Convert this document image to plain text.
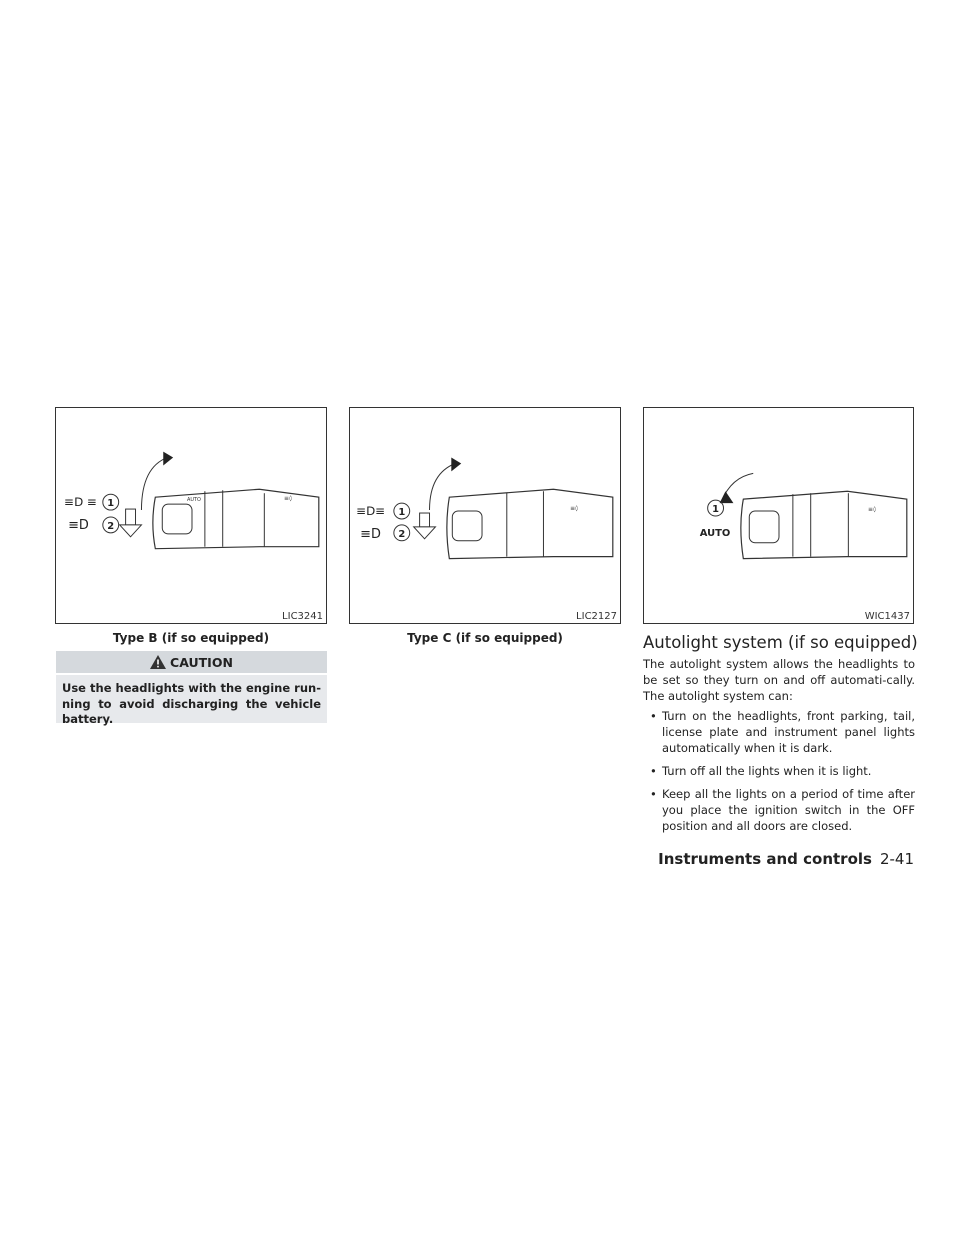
AUTO	≡◊
≡D ≡
≡D
1
2
LIC3241
≡◊
≡D≡
≡D
1
2
LIC2127
≡◊
1
AUTO
WIC1437
Type B (if so equipped)	Type C (if so equipped)
CAUTION
Use the headlights with the engine run-ning to avoid discharging the vehicle battery.
Autolight system (if so equipped)
The autolight system allows the headlights to be set so they turn on and off automati-cally. The autolight system can:
• Turn on the headlights, front parking, tail, license plate and instrument panel lights automatically when it is dark.
• Turn off all the lights when it is light.
• Keep all the lights on a period of time after you place the ignition switch in the OFF position and all doors are closed.
Instruments and controls 2-41
